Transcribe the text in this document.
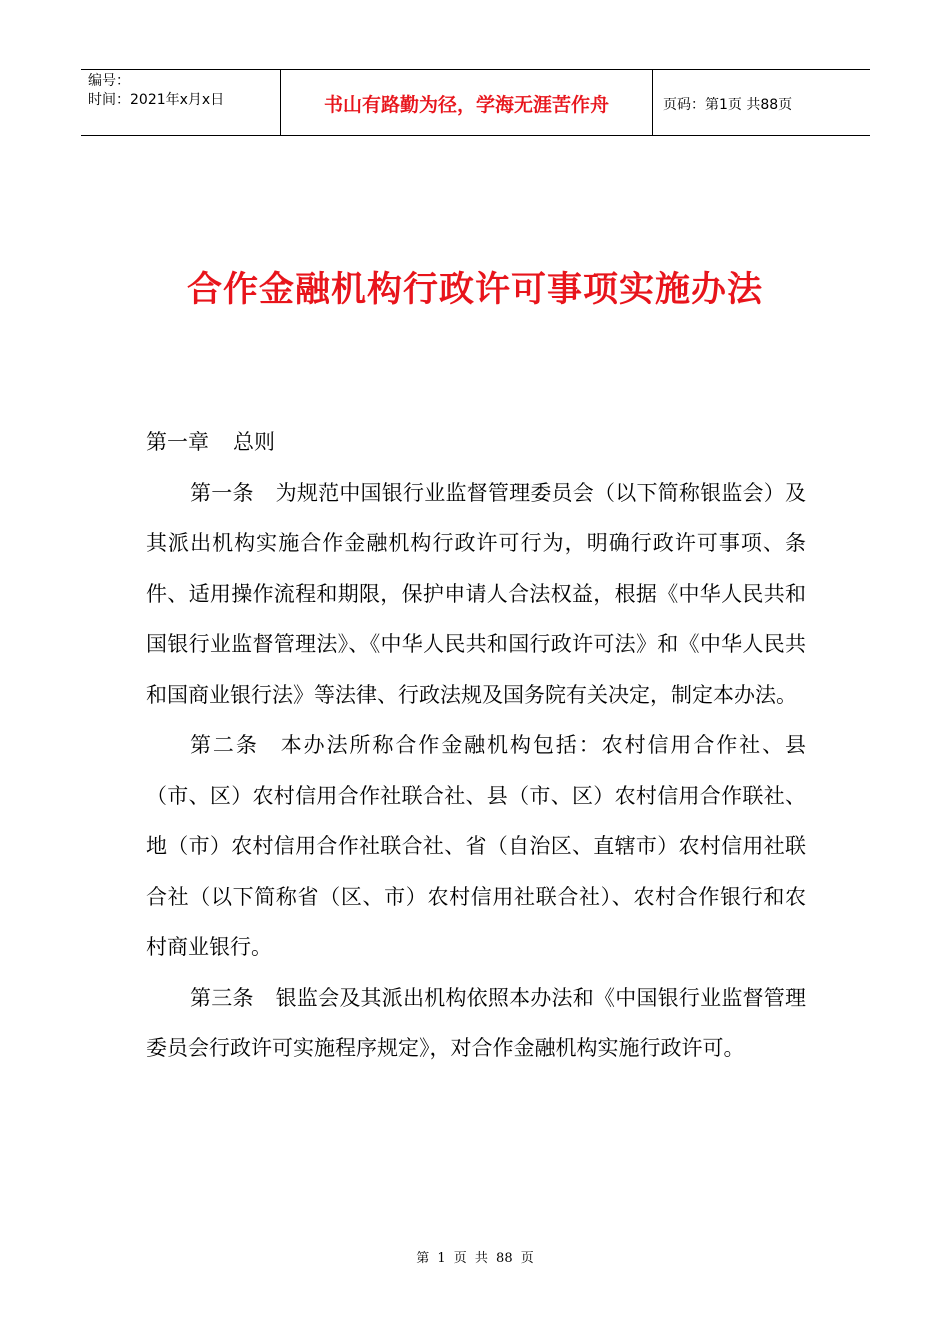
编号：
时间：2021年x月x日	书山有路勤为径，学海无涯苦作舟	页码：第1页 共88页
合作金融机构行政许可事项实施办法
第一章 总则

第一条 为规范中国银行业监督管理委员会（以下简称银监会）及其派出机构实施合作金融机构行政许可行为，明确行政许可事项、条件、适用操作流程和期限，保护申请人合法权益，根据《中华人民共和国银行业监督管理法》、《中华人民共和国行政许可法》和《中华人民共和国商业银行法》等法律、行政法规及国务院有关决定，制定本办法。

第二条 本办法所称合作金融机构包括：农村信用合作社、县（市、区）农村信用合作社联合社、县（市、区）农村信用合作联社、地（市）农村信用合作社联合社、省（自治区、直辖市）农村信用社联合社（以下简称省（区、市）农村信用社联合社）、农村合作银行和农村商业银行。

第三条 银监会及其派出机构依照本办法和《中国银行业监督管理委员会行政许可实施程序规定》，对合作金融机构实施行政许可。

第 1 页 共 88 页
